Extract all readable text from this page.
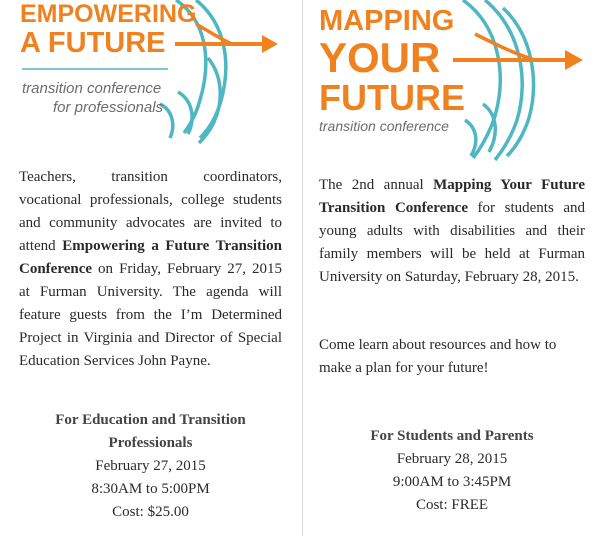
EMPOWERING
A FUTURE
transition conference
for professionals

Teachers, transition coordinators, vocational professionals, college students and community advocates are invited to attend Empowering a Future Transition Conference on Friday, February 27, 2015 at Furman University. The agenda will feature guests from the I’m Determined Project in Virginia and Director of Special Education Services John Payne.

For Education and Transition Professionals
February 27, 2015
8:30AM to 5:00PM
Cost: $25.00
MAPPING
YOUR
FUTURE
transition conference

The 2nd annual Mapping Your Future Transition Conference for students and young adults with disabilities and their family members will be held at Furman University on Saturday, February 28, 2015.

Come learn about resources and how to make a plan for your future!

For Students and Parents
February 28, 2015
9:00AM to 3:45PM
Cost: FREE
